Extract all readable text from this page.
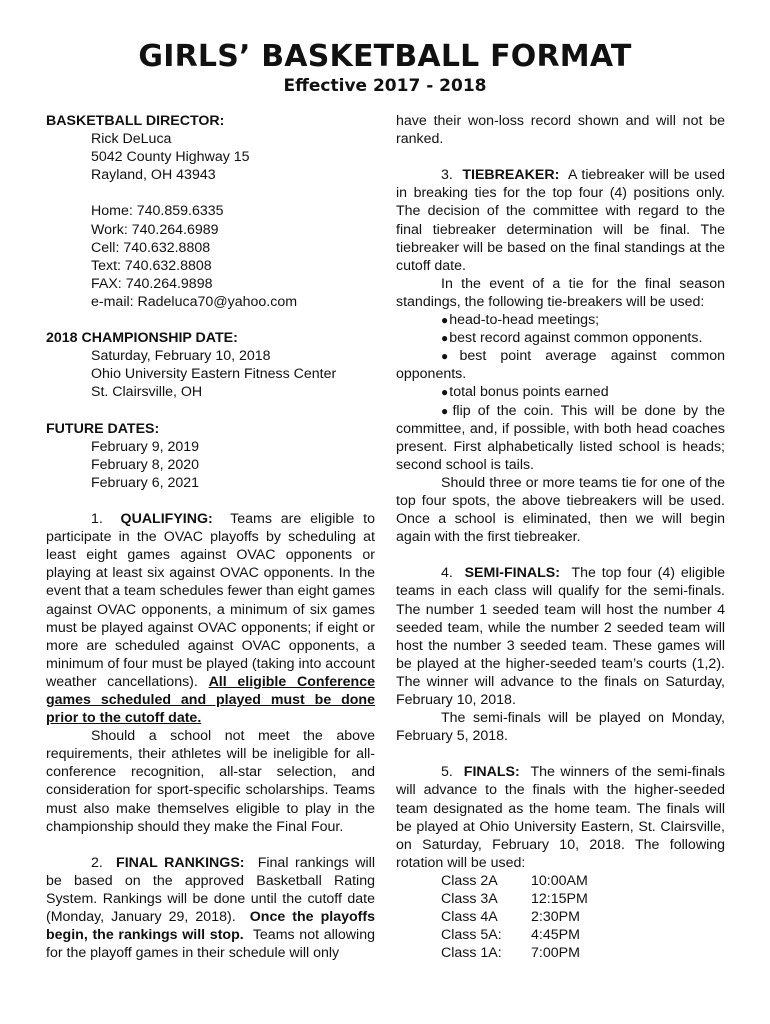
GIRLS’ BASKETBALL FORMAT
Effective 2017 - 2018

BASKETBALL DIRECTOR:

Rick DeLuca

5042 County Highway 15

Rayland, OH 43943

Home: 740.859.6335

Work: 740.264.6989

Cell: 740.632.8808

Text: 740.632.8808

FAX: 740.264.9898

e-mail: Radeluca70@yahoo.com

2018 CHAMPIONSHIP DATE:

Saturday, February 10, 2018

Ohio University Eastern Fitness Center

St. Clairsville, OH

FUTURE DATES:

February 9, 2019

February 8, 2020

February 6, 2021

1. QUALIFYING: Teams are eligible to participate in the OVAC playoffs by scheduling at least eight games against OVAC opponents or playing at least six against OVAC opponents. In the event that a team schedules fewer than eight games against OVAC opponents, a minimum of six games must be played against OVAC opponents; if eight or more are scheduled against OVAC opponents, a minimum of four must be played (taking into account weather cancellations). All eligible Conference games scheduled and played must be done prior to the cutoff date.

Should a school not meet the above requirements, their athletes will be ineligible for all-conference recognition, all-star selection, and consideration for sport-specific scholarships. Teams must also make themselves eligible to play in the championship should they make the Final Four.

2. FINAL RANKINGS: Final rankings will be based on the approved Basketball Rating System. Rankings will be done until the cutoff date (Monday, January 29, 2018). Once the playoffs begin, the rankings will stop. Teams not allowing for the playoff games in their schedule will only

have their won-loss record shown and will not be ranked.

3. TIEBREAKER: A tiebreaker will be used in breaking ties for the top four (4) positions only. The decision of the committee with regard to the final tiebreaker determination will be final. The tiebreaker will be based on the final standings at the cutoff date.

In the event of a tie for the final season standings, the following tie-breakers will be used:

● head-to-head meetings;

● best record against common opponents.

● best point average against common opponents.

● total bonus points earned

● flip of the coin. This will be done by the committee, and, if possible, with both head coaches present. First alphabetically listed school is heads; second school is tails.

Should three or more teams tie for one of the top four spots, the above tiebreakers will be used. Once a school is eliminated, then we will begin again with the first tiebreaker.

4. SEMI-FINALS: The top four (4) eligible teams in each class will qualify for the semi-finals. The number 1 seeded team will host the number 4 seeded team, while the number 2 seeded team will host the number 3 seeded team. These games will be played at the higher-seeded team’s courts (1,2). The winner will advance to the finals on Saturday, February 10, 2018.

The semi-finals will be played on Monday, February 5, 2018.

5. FINALS: The winners of the semi-finals will advance to the finals with the higher-seeded team designated as the home team. The finals will be played at Ohio University Eastern, St. Clairsville, on Saturday, February 10, 2018. The following rotation will be used:

Class 2A	10:00AM
Class 3A	12:15PM
Class 4A	2:30PM
Class 5A:	4:45PM
Class 1A:	7:00PM
